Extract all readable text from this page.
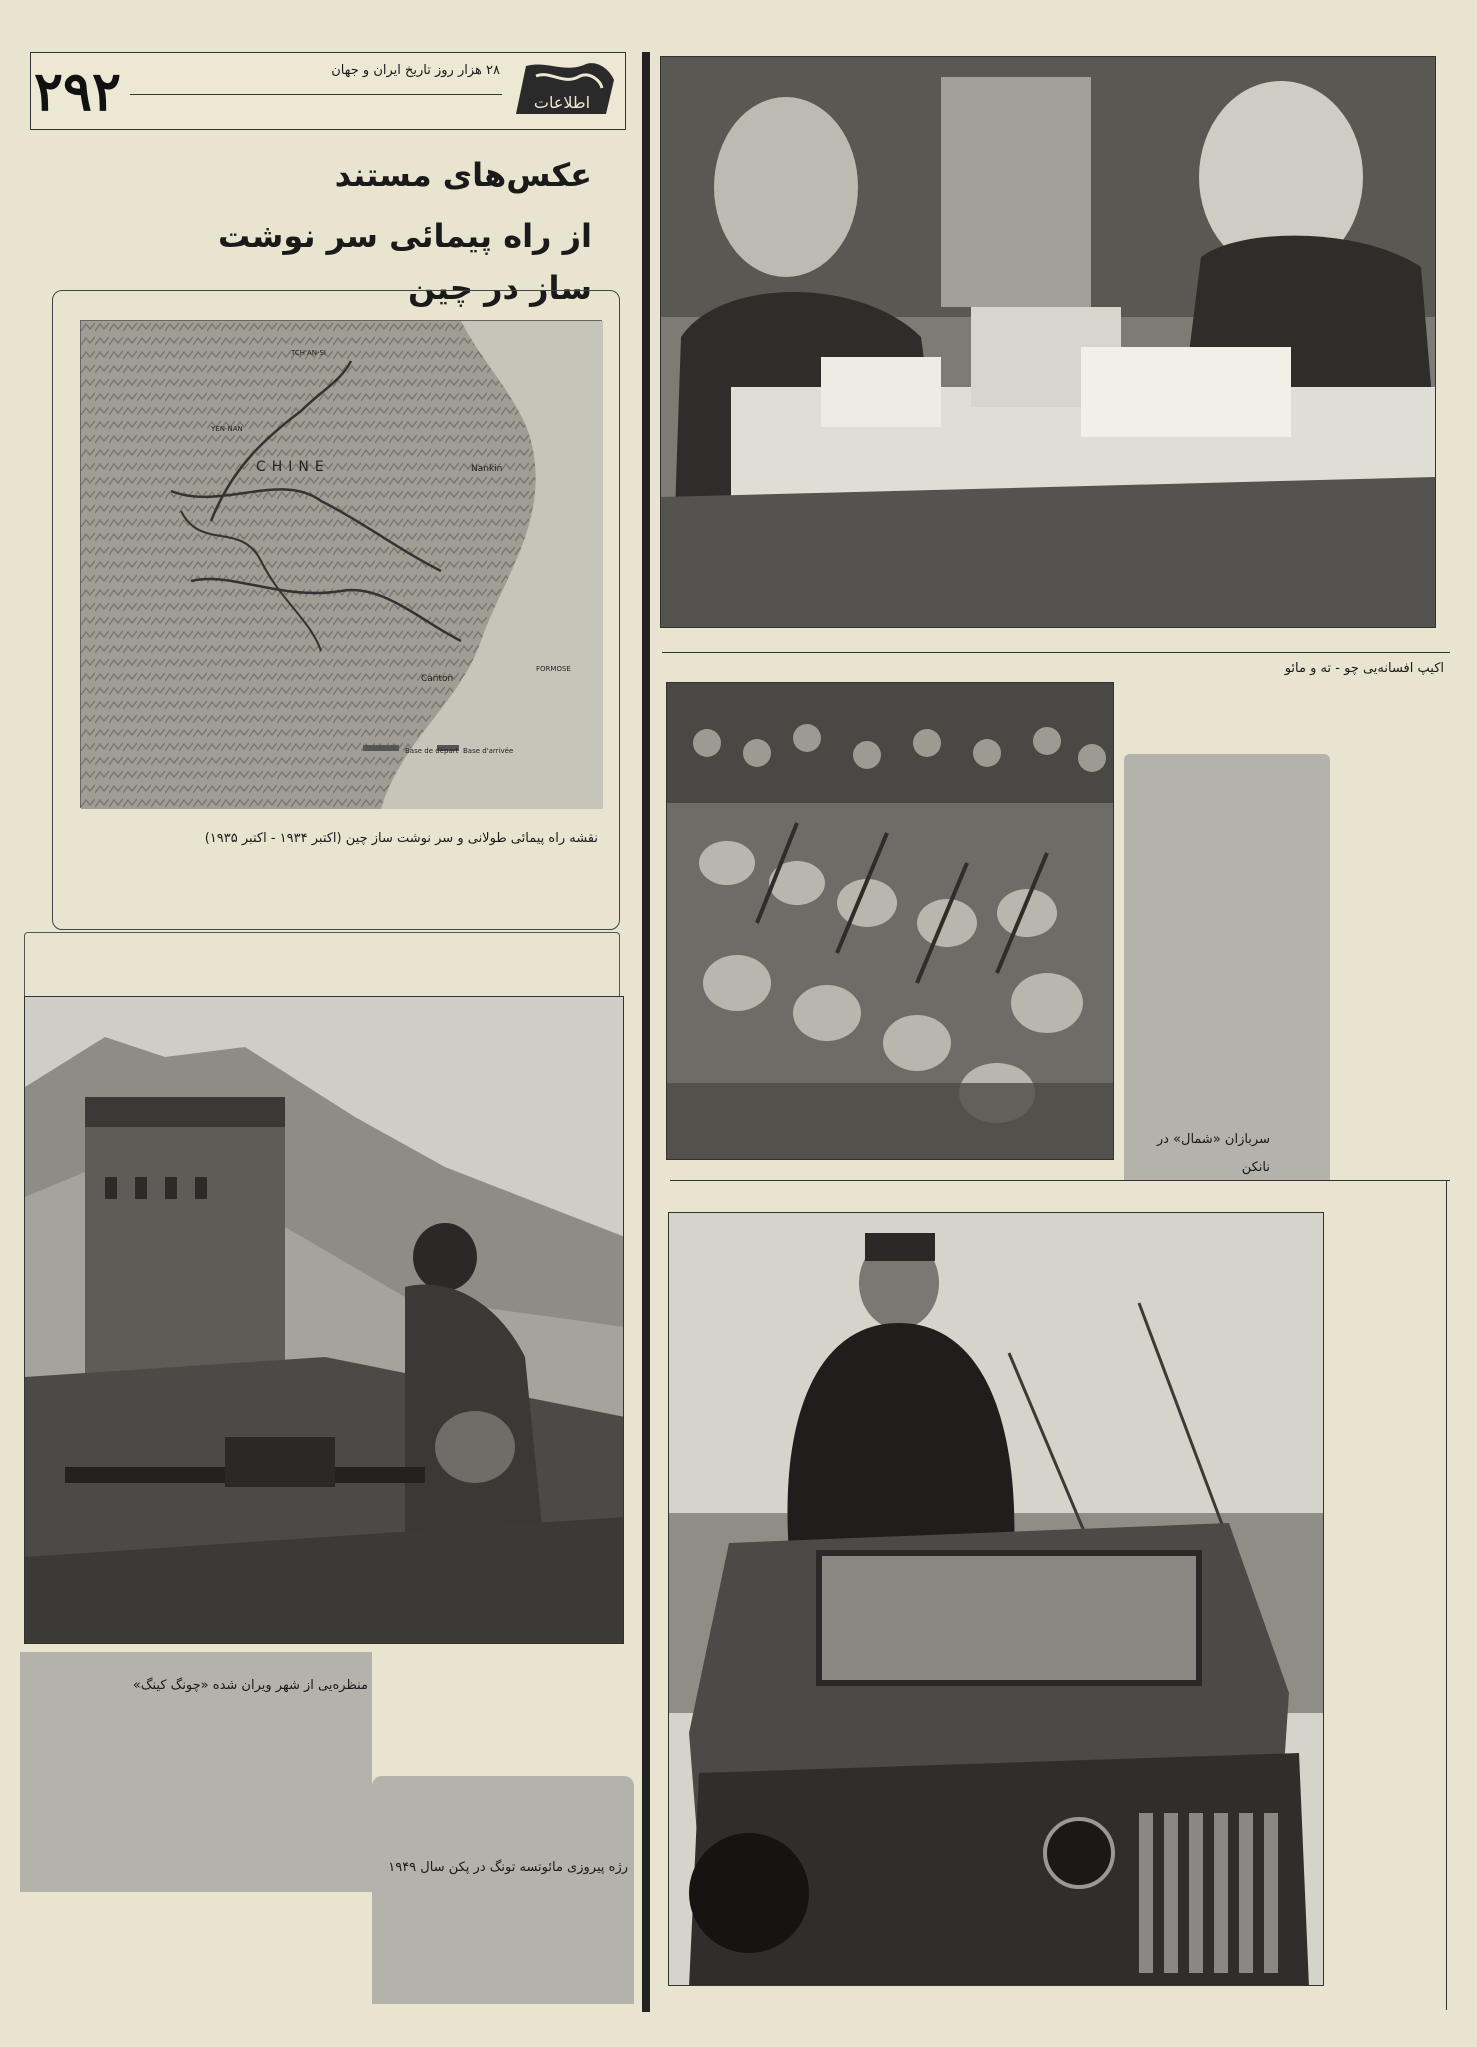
۲۹۲	۲۸ هزار روز تاریخ ایران و جهان
اطلاعات
عکس‌های مستند
از راه پیمائی سر نوشت ساز در چین
CHINE	Nankin
Canton
Base de départ Base d'arrivée
TCH'AN-SI
YEN-NAN
FORMOSE
نقشه راه پیمائی طولانی و سر نوشت ساز چین (اکتبر ۱۹۳۴ - اکتبر ۱۹۳۵)
اکیپ افسانه‌یی چو - ته و مائو
سربازان «شمال» در نانکن
منظره‌یی از شهر ویران شده «چونگ کینگ»
رژه پیروزی مائوتسه تونگ در پکن سال ۱۹۴۹
